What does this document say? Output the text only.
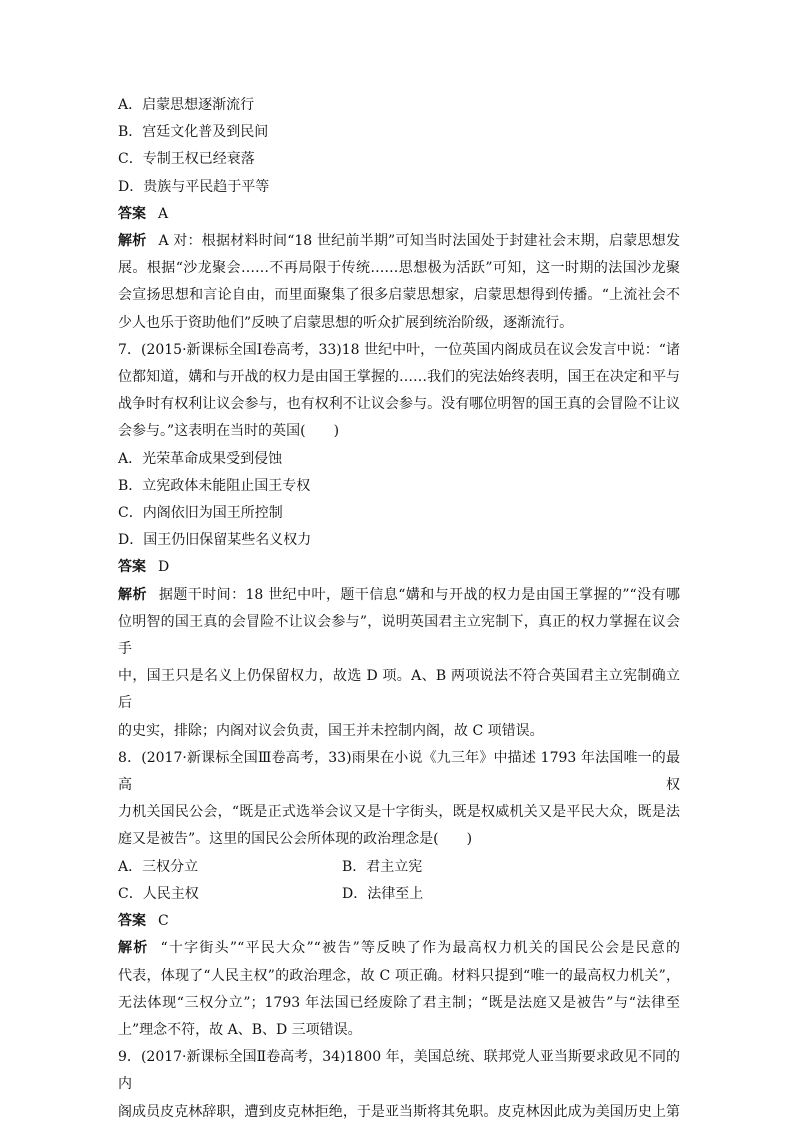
A．启蒙思想逐渐流行
B．宫廷文化普及到民间
C．专制王权已经衰落
D．贵族与平民趋于平等
答案 A
解析 A 对：根据材料时间“18 世纪前半期”可知当时法国处于封建社会末期，启蒙思想发
展。根据“沙龙聚会……不再局限于传统……思想极为活跃”可知，这一时期的法国沙龙聚
会宣扬思想和言论自由，而里面聚集了很多启蒙思想家，启蒙思想得到传播。“上流社会不
少人也乐于资助他们”反映了启蒙思想的听众扩展到统治阶级，逐渐流行。
7．(2015·新课标全国Ⅰ卷高考，33)18 世纪中叶，一位英国内阁成员在议会发言中说：“诸
位都知道，媾和与开战的权力是由国王掌握的……我们的宪法始终表明，国王在决定和平与
战争时有权利让议会参与，也有权利不让议会参与。没有哪位明智的国王真的会冒险不让议
会参与。”这表明在当时的英国(　　)
A．光荣革命成果受到侵蚀
B．立宪政体未能阻止国王专权
C．内阁依旧为国王所控制
D．国王仍旧保留某些名义权力
答案 D
解析 据题干时间：18 世纪中叶，题干信息“媾和与开战的权力是由国王掌握的”“没有哪
位明智的国王真的会冒险不让议会参与”，说明英国君主立宪制下，真正的权力掌握在议会手
中，国王只是名义上仍保留权力，故选 D 项。A、B 两项说法不符合英国君主立宪制确立后
的史实，排除；内阁对议会负责，国王并未控制内阁，故 C 项错误。
8．(2017·新课标全国Ⅲ卷高考，33)雨果在小说《九三年》中描述 1793 年法国唯一的最高权
力机关国民公会，“既是正式选举会议又是十字街头，既是权威机关又是平民大众，既是法
庭又是被告”。这里的国民公会所体现的政治理念是(　　)
A．三权分立	B．君主立宪
C．人民主权	D．法律至上
答案 C
解析 “十字街头”“平民大众”“被告”等反映了作为最高权力机关的国民公会是民意的
代表，体现了“人民主权”的政治理念，故 C 项正确。材料只提到“唯一的最高权力机关”，
无法体现“三权分立”；1793 年法国已经废除了君主制；“既是法庭又是被告”与“法律至
上”理念不符，故 A、B、D 三项错误。
9．(2017·新课标全国Ⅱ卷高考，34)1800 年，美国总统、联邦党人亚当斯要求政见不同的内
阁成员皮克林辞职，遭到皮克林拒绝，于是亚当斯将其免职。皮克林因此成为美国历史上第
